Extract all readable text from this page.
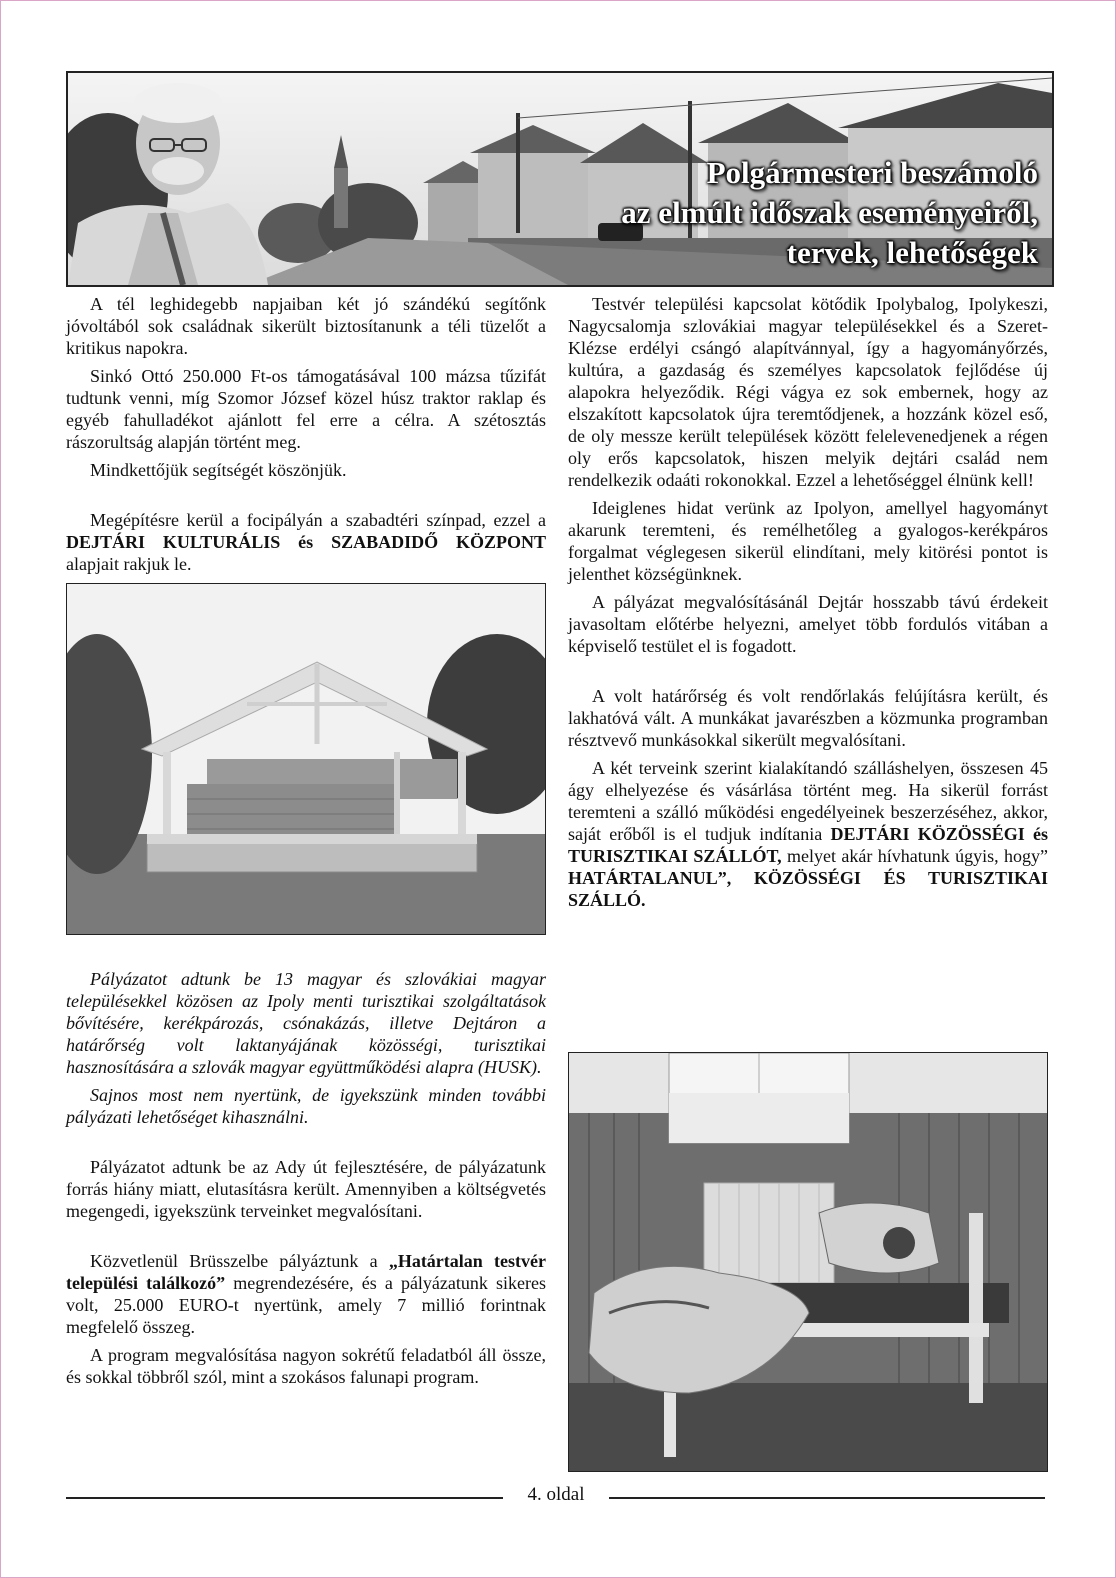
Polgármesteri beszámoló
az elmúlt időszak eseményeiről,
tervek, lehetőségek

A tél leghidegebb napjaiban két jó szándékú segítőnk jóvoltából sok családnak sikerült biztosítanunk a téli tüzelőt a kritikus napokra.

Sinkó Ottó 250.000 Ft-os támogatásával 100 mázsa tűzifát tudtunk venni, míg Szomor József közel húsz traktor raklap és egyéb fahulladékot ajánlott fel erre a célra. A szétosztás rászorultság alapján történt meg.

Mindkettőjük segítségét köszönjük.

Megépítésre kerül a focipályán a szabadtéri színpad, ezzel a DEJTÁRI KULTURÁLIS és SZABADIDŐ KÖZPONT alapjait rakjuk le.

Pályázatot adtunk be 13 magyar és szlovákiai magyar településekkel közösen az Ipoly menti turisztikai szolgáltatások bővítésére, kerékpározás, csónakázás, illetve Dejtáron a határőrség volt laktanyájának közösségi, turisztikai hasznosítására a szlovák magyar együttműködési alapra (HUSK).

Sajnos most nem nyertünk, de igyekszünk minden további pályázati lehetőséget kihasználni.

Pályázatot adtunk be az Ady út fejlesztésére, de pályázatunk forrás hiány miatt, elutasításra került. Amennyiben a költségvetés megengedi, igyekszünk terveinket megvalósítani.

Közvetlenül Brüsszelbe pályáztunk a „Határtalan testvér települési találkozó” megrendezésére, és a pályázatunk sikeres volt, 25.000 EURO-t nyertünk, amely 7 millió forintnak megfelelő összeg.

A program megvalósítása nagyon sokrétű feladatból áll össze, és sokkal többről szól, mint a szokásos falunapi program.

Testvér települési kapcsolat kötődik Ipolybalog, Ipolykeszi, Nagycsalomja szlovákiai magyar településekkel és a Szeret-Klézse erdélyi csángó alapítvánnyal, így a hagyományőrzés, kultúra, a gazdaság és személyes kapcsolatok fejlődése új alapokra helyeződik. Régi vágya ez sok embernek, hogy az elszakított kapcsolatok újra teremtődjenek, a hozzánk közel eső, de oly messze került települések között felelevenedjenek a régen oly erős kapcsolatok, hiszen melyik dejtári család nem rendelkezik odaáti rokonokkal. Ezzel a lehetőséggel élnünk kell!

Ideiglenes hidat verünk az Ipolyon, amellyel hagyományt akarunk teremteni, és remélhetőleg a gyalogos-kerékpáros forgalmat véglegesen sikerül elindítani, mely kitörési pontot is jelenthet községünknek.

A pályázat megvalósításánál Dejtár hosszabb távú érdekeit javasoltam előtérbe helyezni, amelyet több fordulós vitában a képviselő testület el is fogadott.

A volt határőrség és volt rendőrlakás felújításra került, és lakhatóvá vált. A munkákat javarészben a közmunka programban résztvevő munkásokkal sikerült megvalósítani.

A két terveink szerint kialakítandó szálláshelyen, összesen 45 ágy elhelyezése és vásárlása történt meg. Ha sikerül forrást teremteni a szálló működési engedélyeinek beszerzéséhez, akkor, saját erőből is el tudjuk indítania DEJTÁRI KÖZÖSSÉGI és TURISZTIKAI SZÁLLÓT, melyet akár hívhatunk úgyis, hogy” HATÁRTALANUL”, KÖZÖSSÉGI ÉS TURISZTIKAI SZÁLLÓ.

4. oldal
